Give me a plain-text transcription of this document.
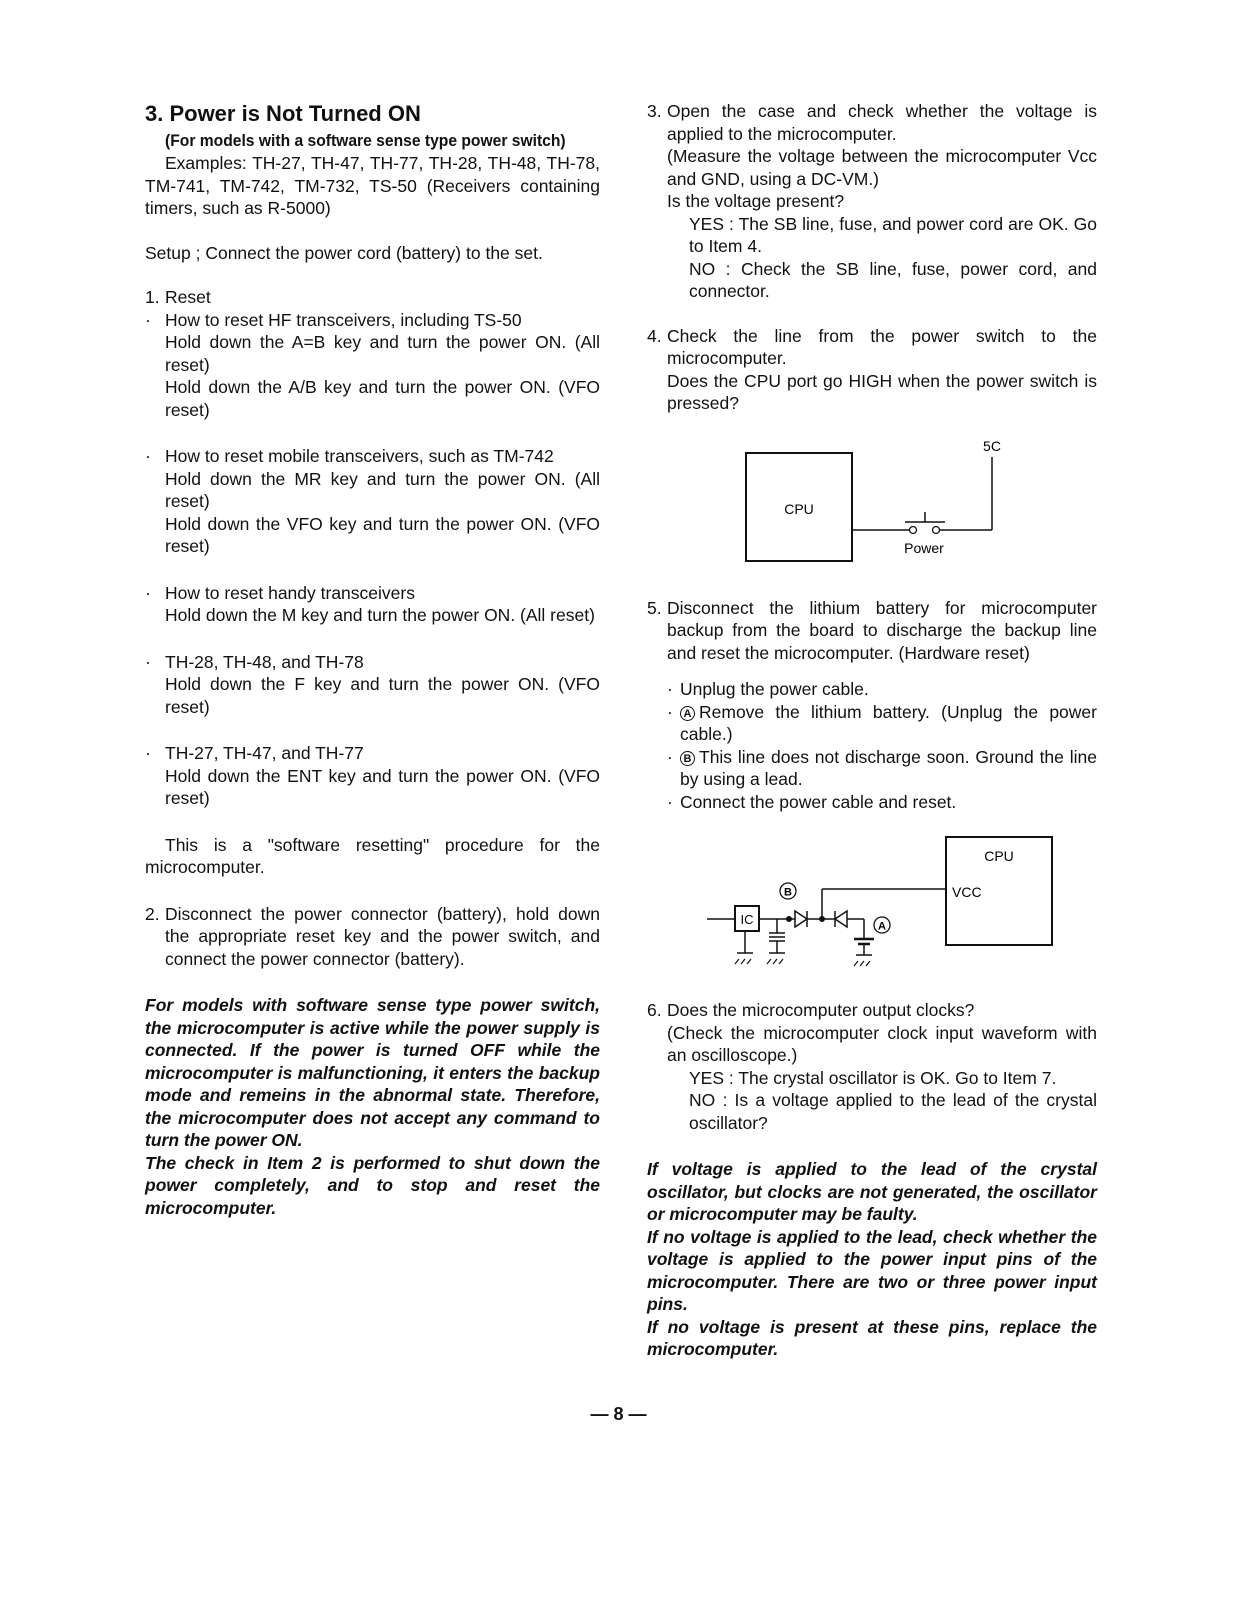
3. Power is Not Turned ON

(For models with a software sense type power switch)

Examples: TH-27, TH-47, TH-77, TH-28, TH-48, TH-78, TM-741, TM-742, TM-732, TS-50 (Receivers containing timers, such as R-5000)

Setup ; Connect the power cord (battery) to the set.

1. Reset

· How to reset HF transceivers, including TS-50

Hold down the A=B key and turn the power ON. (All reset)

Hold down the A/B key and turn the power ON. (VFO reset)

· How to reset mobile transceivers, such as TM-742

Hold down the MR key and turn the power ON. (All reset)

Hold down the VFO key and turn the power ON. (VFO reset)

· How to reset handy transceivers

Hold down the M key and turn the power ON. (All reset)

· TH-28, TH-48, and TH-78

Hold down the F key and turn the power ON. (VFO reset)

· TH-27, TH-47, and TH-77

Hold down the ENT key and turn the power ON. (VFO reset)

This is a "software resetting" procedure for the microcomputer.

2. Disconnect the power connector (battery), hold down the appropriate reset key and the power switch, and connect the power connector (battery).

For models with software sense type power switch, the microcomputer is active while the power supply is connected. If the power is turned OFF while the microcomputer is malfunctioning, it enters the backup mode and remeins in the abnormal state. Therefore, the microcomputer does not accept any command to turn the power ON.

The check in Item 2 is performed to shut down the power completely, and to stop and reset the microcomputer.

3. Open the case and check whether the voltage is applied to the microcomputer.

(Measure the voltage between the microcomputer Vcc and GND, using a DC-VM.)

Is the voltage present?

YES : The SB line, fuse, and power cord are OK. Go to Item 4.

NO : Check the SB line, fuse, power cord, and connector.

4. Check the line from the power switch to the microcomputer.

Does the CPU port go HIGH when the power switch is pressed?

CPU
5C
Power
5. Disconnect the lithium battery for microcomputer backup from the board to discharge the backup line and reset the microcomputer. (Hardware reset)

· Unplug the power cable.

· A Remove the lithium battery. (Unplug the power cable.)

· B This line does not discharge soon. Ground the line by using a lead.

· Connect the power cable and reset.

CPU
VCC
IC
B
A
6. Does the microcomputer output clocks?

(Check the microcomputer clock input waveform with an oscilloscope.)

YES : The crystal oscillator is OK. Go to Item 7.

NO : Is a voltage applied to the lead of the crystal oscillator?

If voltage is applied to the lead of the crystal oscillator, but clocks are not generated, the oscillator or microcomputer may be faulty.

If no voltage is applied to the lead, check whether the voltage is applied to the power input pins of the microcomputer. There are two or three power input pins.

If no voltage is present at these pins, replace the microcomputer.

— 8 —
